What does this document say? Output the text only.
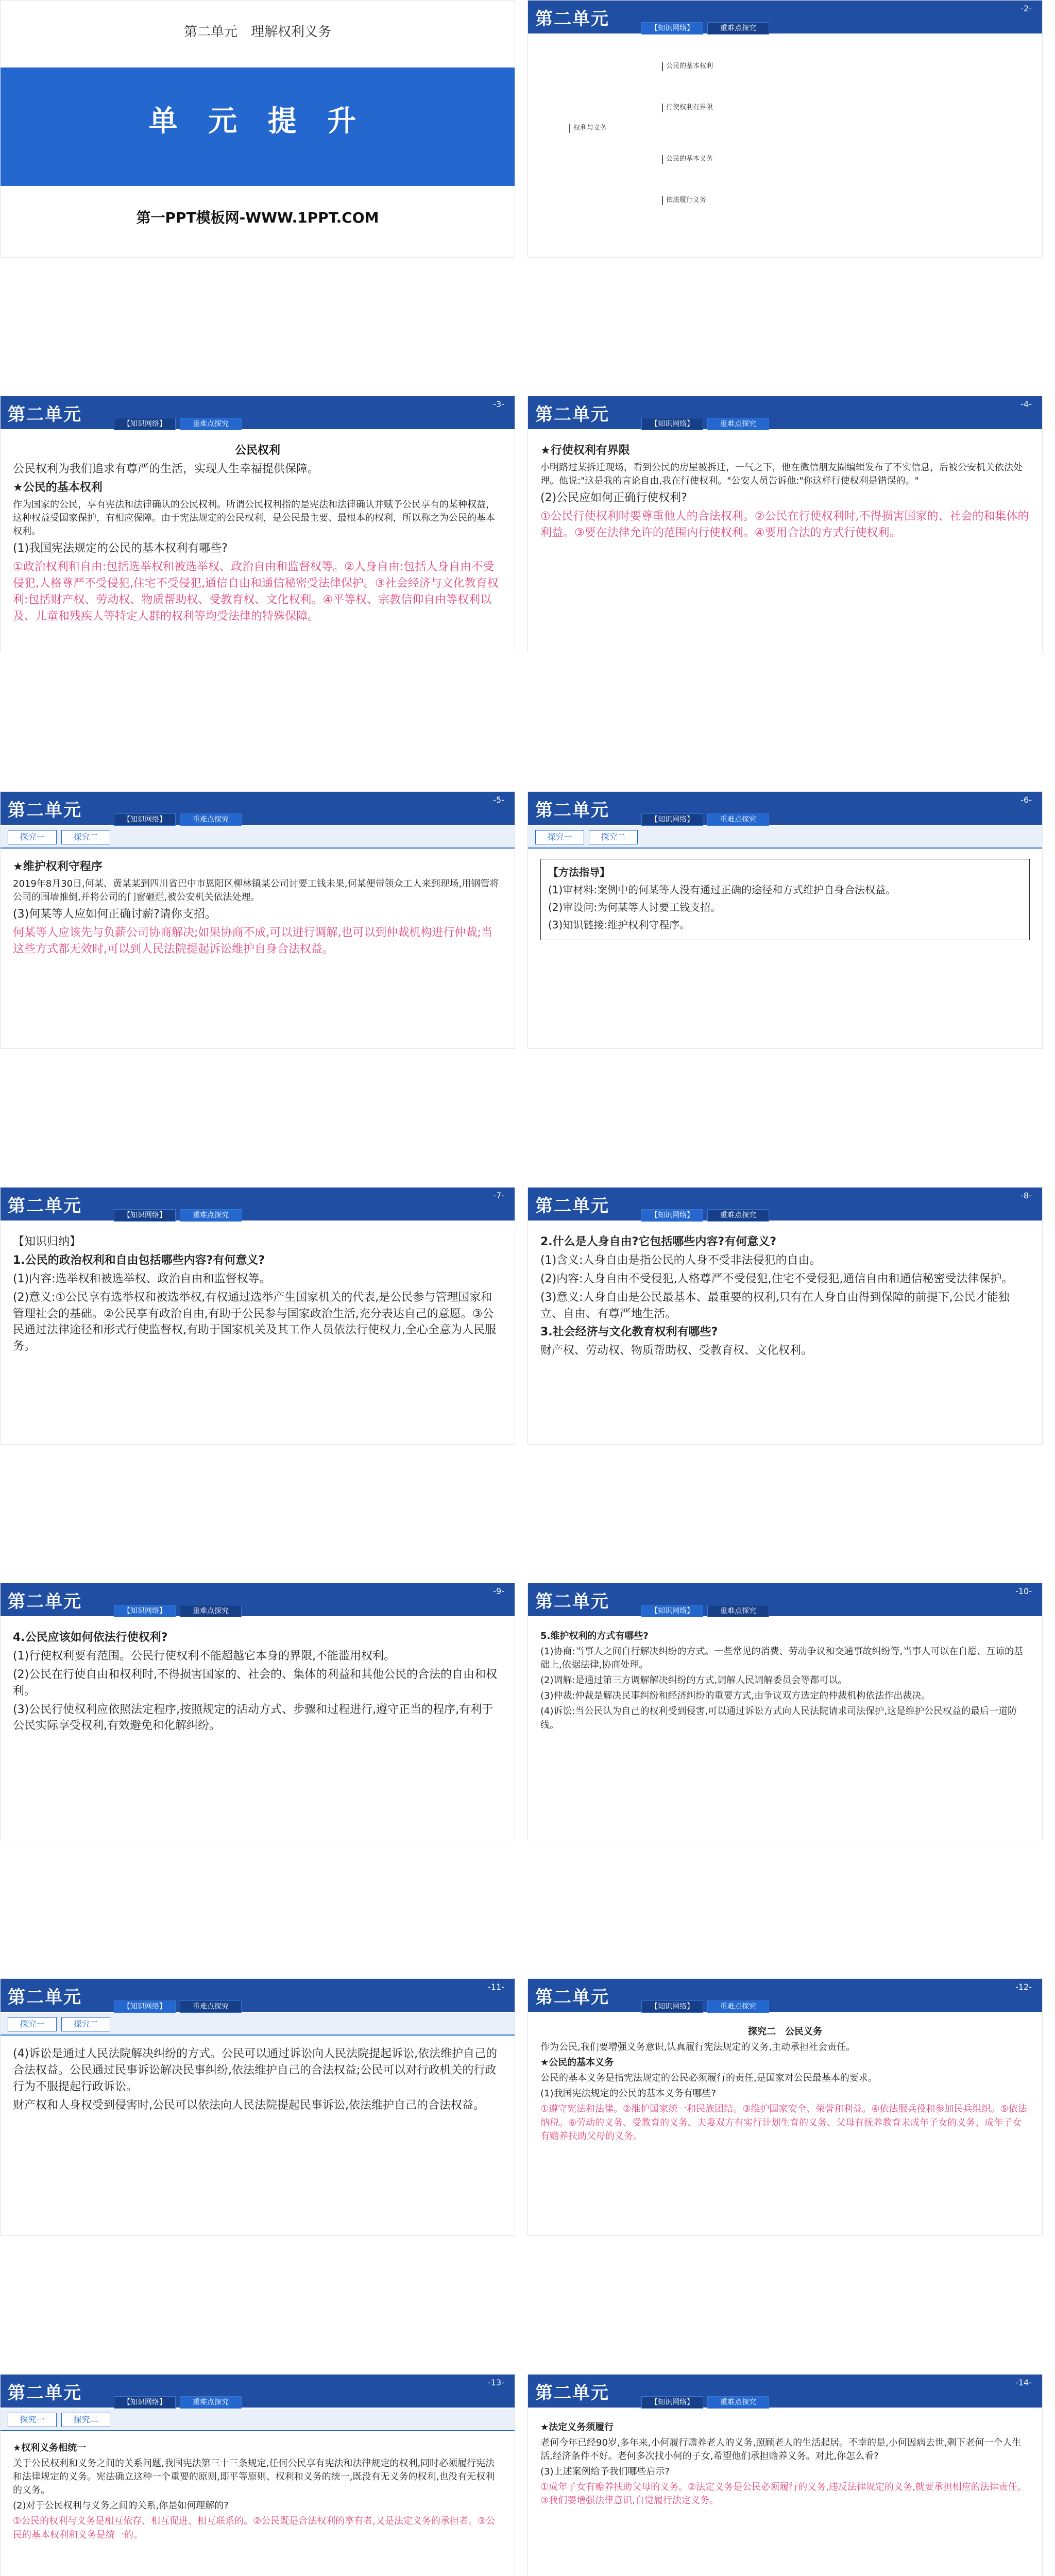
第二单元　理解权利义务
单 元 提 升
第一PPT模板网-WWW.1PPT.COM
第二单元	【知识网络】	重难点探究
-2-
权利与义务
公民的基本权利
行使权利有界限
公民的基本义务
依法履行义务
第二单元	【知识网络】	重难点探究
-3-

公民权利

公民权利为我们追求有尊严的生活，实现人生幸福提供保障。

★公民的基本权利

作为国家的公民，享有宪法和法律确认的公民权利。所谓公民权利指的是宪法和法律确认并赋予公民享有的某种权益，这种权益受国家保护，有相应保障。由于宪法规定的公民权利，是公民最主要、最根本的权利，所以称之为公民的基本权利。

(1)我国宪法规定的公民的基本权利有哪些?

①政治权利和自由:包括选举权和被选举权、政治自由和监督权等。②人身自由:包括人身自由不受侵犯,人格尊严不受侵犯,住宅不受侵犯,通信自由和通信秘密受法律保护。③社会经济与文化教育权利:包括财产权、劳动权、物质帮助权、受教育权、文化权利。④平等权、宗教信仰自由等权利以及、儿童和残疾人等特定人群的权利等均受法律的特殊保障。

第二单元	【知识网络】	重难点探究
-4-

★行使权利有界限

小明路过某拆迁现场，看到公民的房屋被拆迁，一气之下，他在微信朋友圈编辑发布了不实信息，后被公安机关依法处理。他说:"这是我的言论自由,我在行使权利。"公安人员告诉他:"你这样行使权利是错误的。"

(2)公民应如何正确行使权利?

①公民行使权利时要尊重他人的合法权利。②公民在行使权利时,不得损害国家的、社会的和集体的利益。③要在法律允许的范围内行使权利。④要用合法的方式行使权利。

第二单元	【知识网络】	重难点探究
-5-
探究一	探究二

★维护权利守程序

2019年8月30日,何某、黄某某到四川省巴中市恩阳区柳林镇某公司讨要工钱未果,何某便带领众工人来到现场,用钢管将公司的围墙推倒,并将公司的门窗砸烂,被公安机关依法处理。

(3)何某等人应如何正确讨薪?请你支招。

何某等人应该先与负薪公司协商解决;如果协商不成,可以进行调解,也可以到仲裁机构进行仲裁;当这些方式都无效时,可以到人民法院提起诉讼维护自身合法权益。

第二单元	【知识网络】	重难点探究
-6-
探究一	探究二

【方法指导】

(1)审材料:案例中的何某等人没有通过正确的途径和方式维护自身合法权益。

(2)审设问:为何某等人讨要工钱支招。

(3)知识链接:维护权利守程序。

第二单元	【知识网络】	重难点探究
-7-

【知识归纳】

1.公民的政治权利和自由包括哪些内容?有何意义?

(1)内容:选举权和被选举权、政治自由和监督权等。

(2)意义:①公民享有选举权和被选举权,有权通过选举产生国家机关的代表,是公民参与管理国家和管理社会的基础。②公民享有政治自由,有助于公民参与国家政治生活,充分表达自己的意愿。③公民通过法律途径和形式行使监督权,有助于国家机关及其工作人员依法行使权力,全心全意为人民服务。

第二单元	【知识网络】	重难点探究
-8-

2.什么是人身自由?它包括哪些内容?有何意义?

(1)含义:人身自由是指公民的人身不受非法侵犯的自由。

(2)内容:人身自由不受侵犯,人格尊严不受侵犯,住宅不受侵犯,通信自由和通信秘密受法律保护。

(3)意义:人身自由是公民最基本、最重要的权利,只有在人身自由得到保障的前提下,公民才能独立、自由、有尊严地生活。

3.社会经济与文化教育权利有哪些?

财产权、劳动权、物质帮助权、受教育权、文化权利。

第二单元	【知识网络】	重难点探究
-9-

4.公民应该如何依法行使权利?

(1)行使权利要有范围。公民行使权利不能超越它本身的界限,不能滥用权利。

(2)公民在行使自由和权利时,不得损害国家的、社会的、集体的利益和其他公民的合法的自由和权利。

(3)公民行使权利应依照法定程序,按照规定的活动方式、步骤和过程进行,遵守正当的程序,有利于公民实际享受权利,有效避免和化解纠纷。

第二单元	【知识网络】	重难点探究
-10-

5.维护权利的方式有哪些?

(1)协商:当事人之间自行解决纠纷的方式。一些常见的消费、劳动争议和交通事故纠纷等,当事人可以在自愿、互谅的基础上,依据法律,协商处理。

(2)调解:是通过第三方调解解决纠纷的方式,调解人民调解委员会等都可以。

(3)仲裁:仲裁是解决民事纠纷和经济纠纷的重要方式,由争议双方选定的仲裁机构依法作出裁决。

(4)诉讼:当公民认为自己的权利受到侵害,可以通过诉讼方式向人民法院请求司法保护,这是维护公民权益的最后一道防线。

第二单元	【知识网络】	重难点探究
-11-
探究一	探究二

(4)诉讼是通过人民法院解决纠纷的方式。公民可以通过诉讼向人民法院提起诉讼,依法维护自己的合法权益。公民通过民事诉讼解决民事纠纷,依法维护自己的合法权益;公民可以对行政机关的行政行为不服提起行政诉讼。

财产权和人身权受到侵害时,公民可以依法向人民法院提起民事诉讼,依法维护自己的合法权益。

第二单元	【知识网络】	重难点探究
-12-

探究二　公民义务

作为公民,我们要增强义务意识,认真履行宪法规定的义务,主动承担社会责任。

★公民的基本义务

公民的基本义务是指宪法规定的公民必须履行的责任,是国家对公民最基本的要求。

(1)我国宪法规定的公民的基本义务有哪些?

①遵守宪法和法律。②维护国家统一和民族团结。③维护国家安全、荣誉和利益。④依法服兵役和参加民兵组织。⑤依法纳税。⑥劳动的义务、受教育的义务、夫妻双方有实行计划生育的义务、父母有抚养教育未成年子女的义务、成年子女有赡养扶助父母的义务。

第二单元	【知识网络】	重难点探究
-13-
探究一	探究二

★权利义务相统一

关于公民权利和义务之间的关系问题,我国宪法第三十三条规定,任何公民享有宪法和法律规定的权利,同时必须履行宪法和法律规定的义务。宪法确立这种一个重要的原则,即平等原则、权利和义务的统一,既没有无义务的权利,也没有无权利的义务。

(2)对于公民权利与义务之间的关系,你是如何理解的?

①公民的权利与义务是相互依存、相互促进、相互联系的。②公民既是合法权利的享有者,又是法定义务的承担者。③公民的基本权利和义务是统一的。

第二单元	【知识网络】	重难点探究
-14-

★法定义务须履行

老何今年已经90岁,多年来,小何履行赡养老人的义务,照顾老人的生活起居。不幸的是,小何因病去世,剩下老何一个人生活,经济条件不好。老何多次找小何的子女,希望他们承担赡养义务。对此,你怎么看?

(3)上述案例给予我们哪些启示?

①成年子女有赡养扶助父母的义务。②法定义务是公民必须履行的义务,违反法律规定的义务,就要承担相应的法律责任。③我们要增强法律意识,自觉履行法定义务。
